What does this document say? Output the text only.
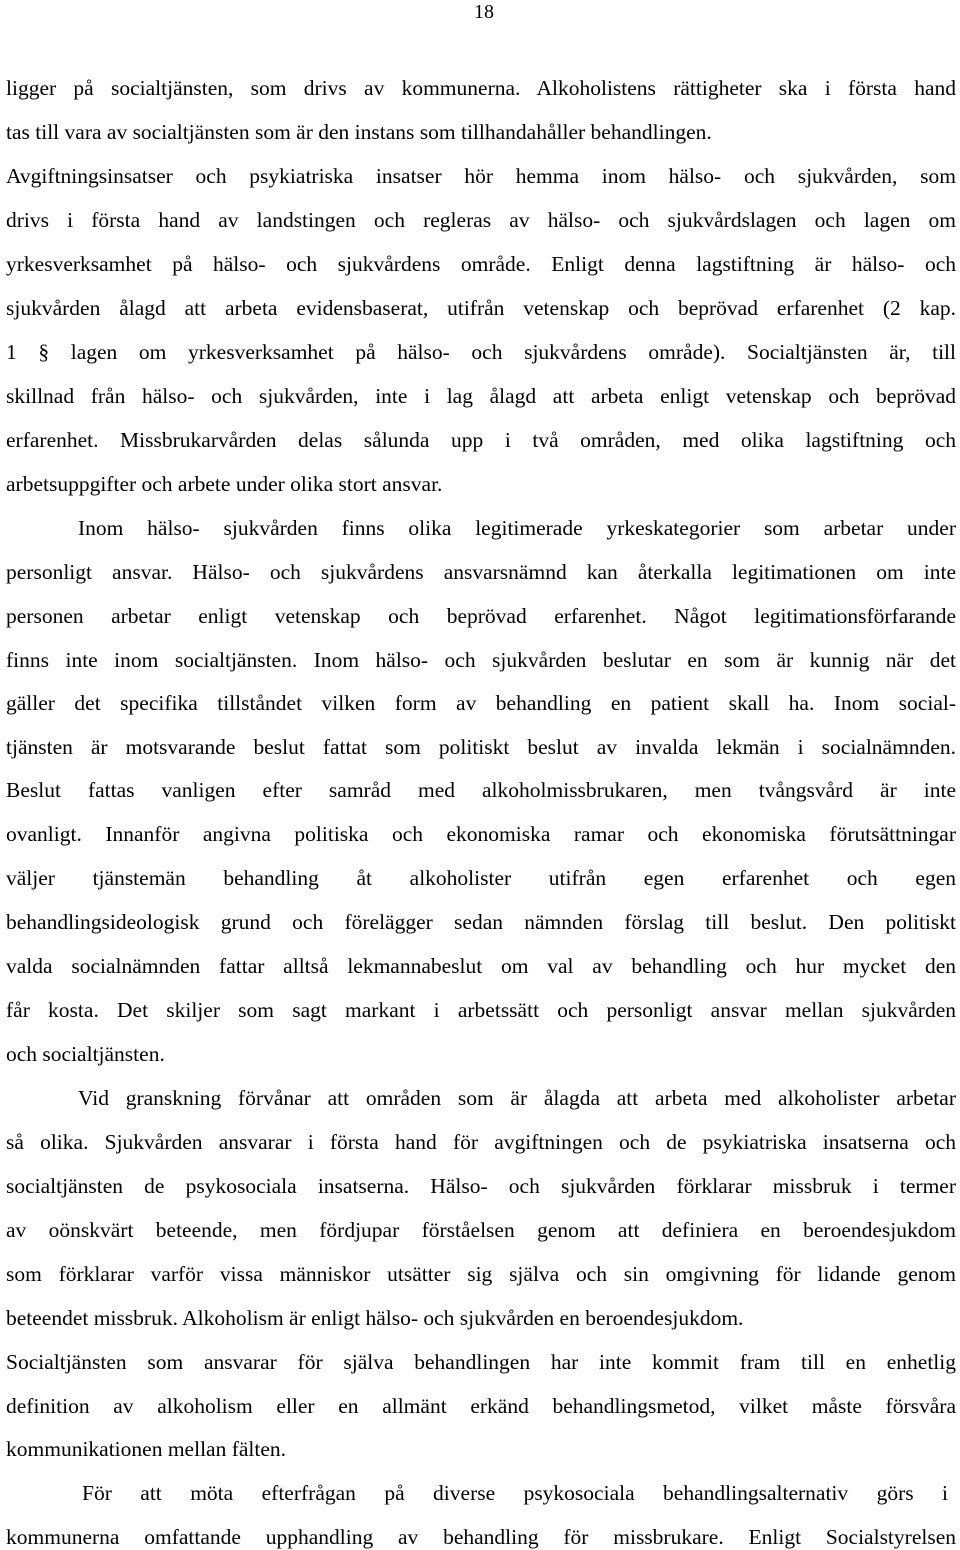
18
ligger på socialtjänsten, som drivs av kommunerna. Alkoholistens rättigheter ska i första hand
tas till vara av socialtjänsten som är den instans som tillhandahåller behandlingen.
Avgiftningsinsatser och psykiatriska insatser hör hemma inom hälso- och sjukvården, som
drivs i första hand av landstingen och regleras av hälso- och sjukvårdslagen och lagen om
yrkesverksamhet på hälso- och sjukvårdens område. Enligt denna lagstiftning är hälso- och
sjukvården ålagd att arbeta evidensbaserat, utifrån vetenskap och beprövad erfarenhet (2 kap.
1 § lagen om yrkesverksamhet på hälso- och sjukvårdens område). Socialtjänsten är, till
skillnad från hälso- och sjukvården, inte i lag ålagd att arbeta enligt vetenskap och beprövad
erfarenhet. Missbrukarvården delas sålunda upp i två områden, med olika lagstiftning och
arbetsuppgifter och arbete under olika stort ansvar.
Inom hälso- sjukvården finns olika legitimerade yrkeskategorier som arbetar under
personligt ansvar. Hälso- och sjukvårdens ansvarsnämnd kan återkalla legitimationen om inte
personen arbetar enligt vetenskap och beprövad erfarenhet. Något legitimationsförfarande
finns inte inom socialtjänsten. Inom hälso- och sjukvården beslutar en som är kunnig när det
gäller det specifika tillståndet vilken form av behandling en patient skall ha. Inom social-
tjänsten är motsvarande beslut fattat som politiskt beslut av invalda lekmän i socialnämnden.
Beslut fattas vanligen efter samråd med alkoholmissbrukaren, men tvångsvård är inte
ovanligt. Innanför angivna politiska och ekonomiska ramar och ekonomiska förutsättningar
väljer tjänstemän behandling åt alkoholister utifrån egen erfarenhet och egen
behandlingsideologisk grund och förelägger sedan nämnden förslag till beslut. Den politiskt
valda socialnämnden fattar alltså lekmannabeslut om val av behandling och hur mycket den
får kosta. Det skiljer som sagt markant i arbetssätt och personligt ansvar mellan sjukvården
och socialtjänsten.
Vid granskning förvånar att områden som är ålagda att arbeta med alkoholister arbetar
så olika. Sjukvården ansvarar i första hand för avgiftningen och de psykiatriska insatserna och
socialtjänsten de psykosociala insatserna. Hälso- och sjukvården förklarar missbruk i termer
av oönskvärt beteende, men fördjupar förståelsen genom att definiera en beroendesjukdom
som förklarar varför vissa människor utsätter sig själva och sin omgivning för lidande genom
beteendet missbruk. Alkoholism är enligt hälso- och sjukvården en beroendesjukdom.
Socialtjänsten som ansvarar för själva behandlingen har inte kommit fram till en enhetlig
definition av alkoholism eller en allmänt erkänd behandlingsmetod, vilket måste försvåra
kommunikationen mellan fälten.
För att möta efterfrågan på diverse psykosociala behandlingsalternativ görs i
kommunerna omfattande upphandling av behandling för missbrukare. Enligt Socialstyrelsen
